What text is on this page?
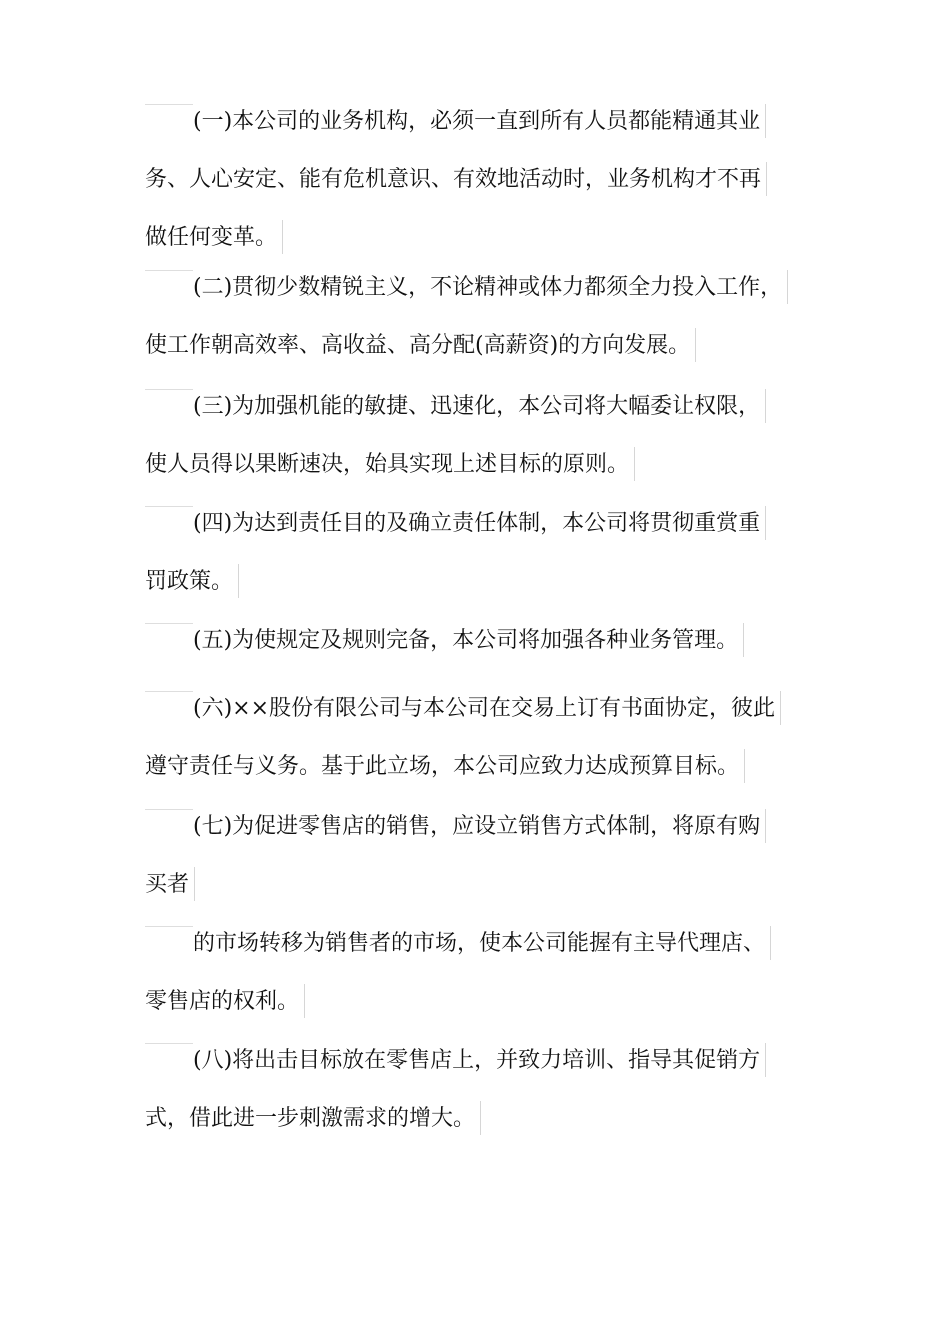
(一)本公司的业务机构，必须一直到所有人员都能精通其业
务、人心安定、能有危机意识、有效地活动时，业务机构才不再
做任何变革。
(二)贯彻少数精锐主义，不论精神或体力都须全力投入工作，
使工作朝高效率、高收益、高分配(高薪资)的方向发展。
(三)为加强机能的敏捷、迅速化，本公司将大幅委让权限，
使人员得以果断速决，始具实现上述目标的原则。
(四)为达到责任目的及确立责任体制，本公司将贯彻重赏重
罚政策。
(五)为使规定及规则完备，本公司将加强各种业务管理。
(六)××股份有限公司与本公司在交易上订有书面协定，彼此
遵守责任与义务。基于此立场，本公司应致力达成预算目标。
(七)为促进零售店的销售，应设立销售方式体制，将原有购
买者
的市场转移为销售者的市场，使本公司能握有主导代理店、
零售店的权利。
(八)将出击目标放在零售店上，并致力培训、指导其促销方
式，借此进一步刺激需求的增大。
